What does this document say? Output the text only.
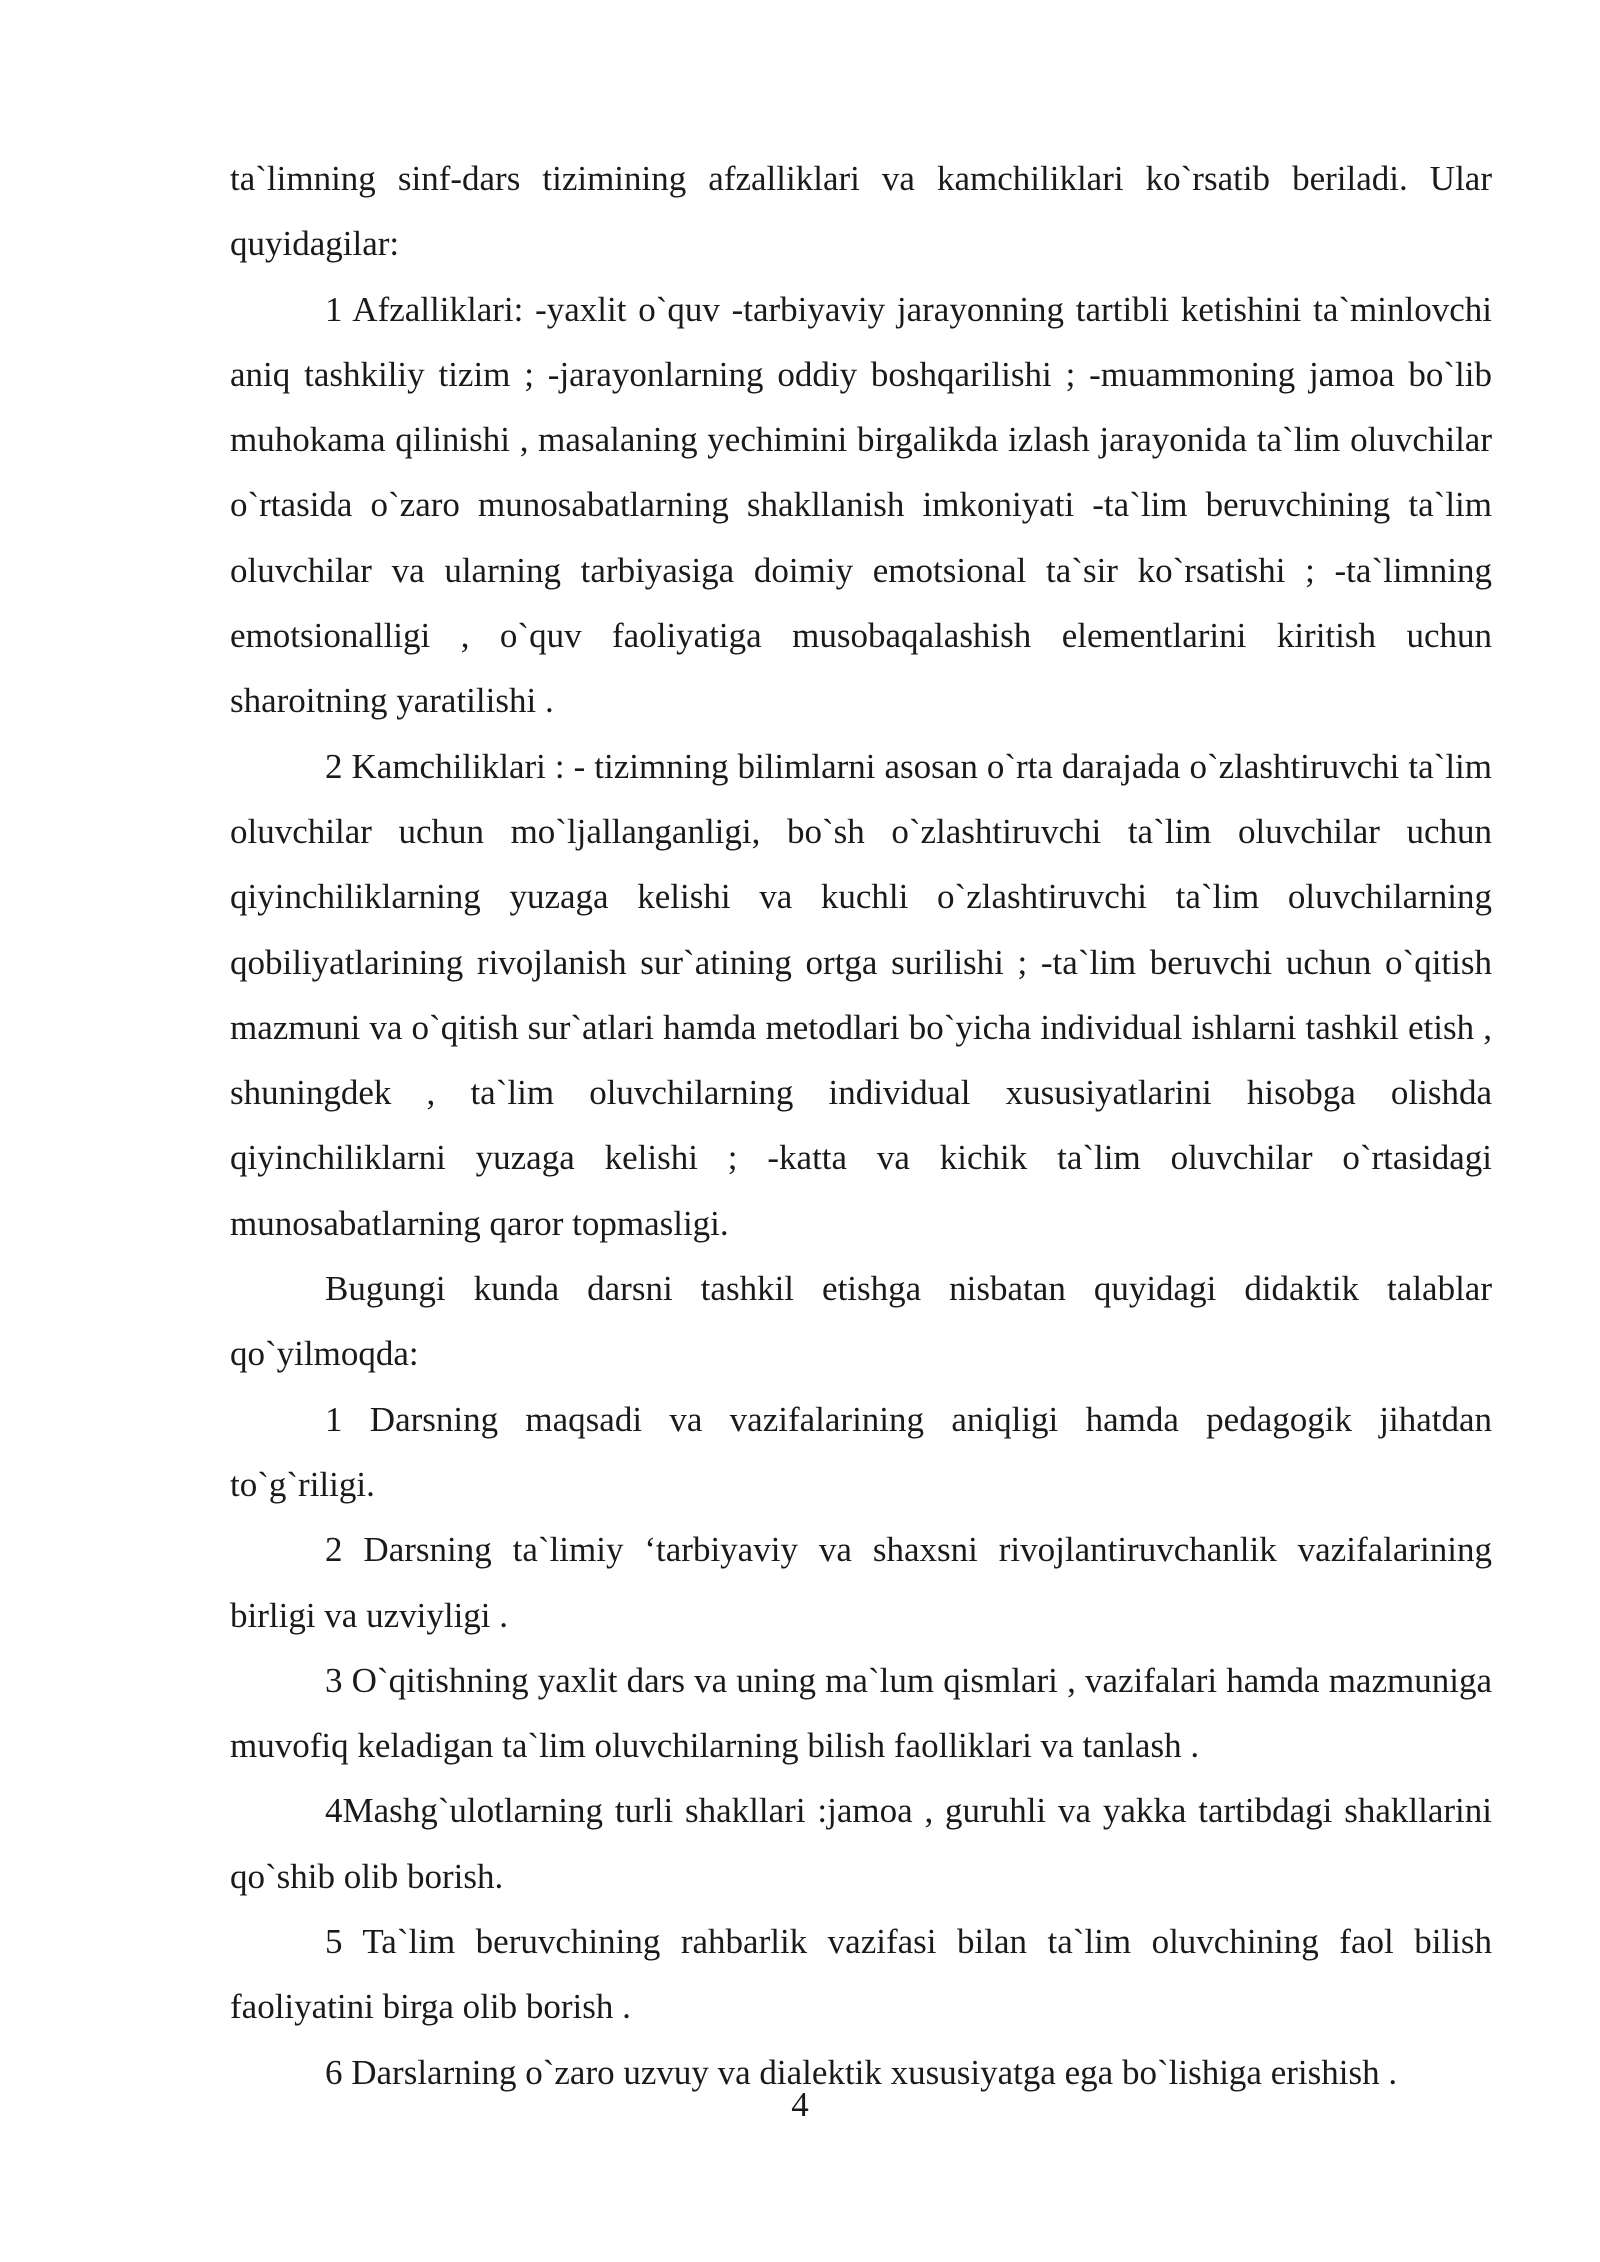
ta`limning sinf-dars tizimining afzalliklari va kamchiliklari ko`rsatib beriladi. Ular quyidagilar:

1 Afzalliklari: -yaxlit o`quv -tarbiyaviy jarayonning tartibli ketishini ta`minlovchi aniq tashkiliy tizim ; -jarayonlarning oddiy boshqarilishi ; -muammoning jamoa bo`lib muhokama qilinishi , masalaning yechimini birgalikda izlash jarayonida ta`lim oluvchilar o`rtasida o`zaro munosabatlarning shakllanish imkoniyati -ta`lim beruvchining ta`lim oluvchilar va ularning tarbiyasiga doimiy emotsional ta`sir ko`rsatishi ; -ta`limning emotsionalligi , o`quv faoliyatiga musobaqalashish elementlarini kiritish uchun sharoitning yaratilishi .

2 Kamchiliklari : - tizimning bilimlarni asosan o`rta darajada o`zlashtiruvchi ta`lim oluvchilar uchun mo`ljallanganligi, bo`sh o`zlashtiruvchi ta`lim oluvchilar uchun qiyinchiliklarning yuzaga kelishi va kuchli o`zlashtiruvchi ta`lim oluvchilarning qobiliyatlarining rivojlanish sur`atining ortga surilishi ; -ta`lim beruvchi uchun o`qitish mazmuni va o`qitish sur`atlari hamda metodlari bo`yicha individual ishlarni tashkil etish , shuningdek , ta`lim oluvchilarning individual xususiyatlarini hisobga olishda qiyinchiliklarni yuzaga kelishi ; -katta va kichik ta`lim oluvchilar o`rtasidagi munosabatlarning qaror topmasligi.

Bugungi kunda darsni tashkil etishga nisbatan quyidagi didaktik talablar qo`yilmoqda:

1 Darsning maqsadi va vazifalarining aniqligi hamda pedagogik jihatdan to`g`riligi.

2 Darsning ta`limiy ‘tarbiyaviy va shaxsni rivojlantiruvchanlik vazifalarining birligi va uzviyligi .

3 O`qitishning yaxlit dars va uning ma`lum qismlari , vazifalari hamda mazmuniga muvofiq keladigan ta`lim oluvchilarning bilish faolliklari va tanlash .

4Mashg`ulotlarning turli shakllari :jamoa , guruhli va yakka tartibdagi shakllarini qo`shib olib borish.

5 Ta`lim beruvchining rahbarlik vazifasi bilan ta`lim oluvchining faol bilish faoliyatini birga olib borish .

6 Darslarning o`zaro uzvuy va dialektik xususiyatga ega bo`lishiga erishish .

4
